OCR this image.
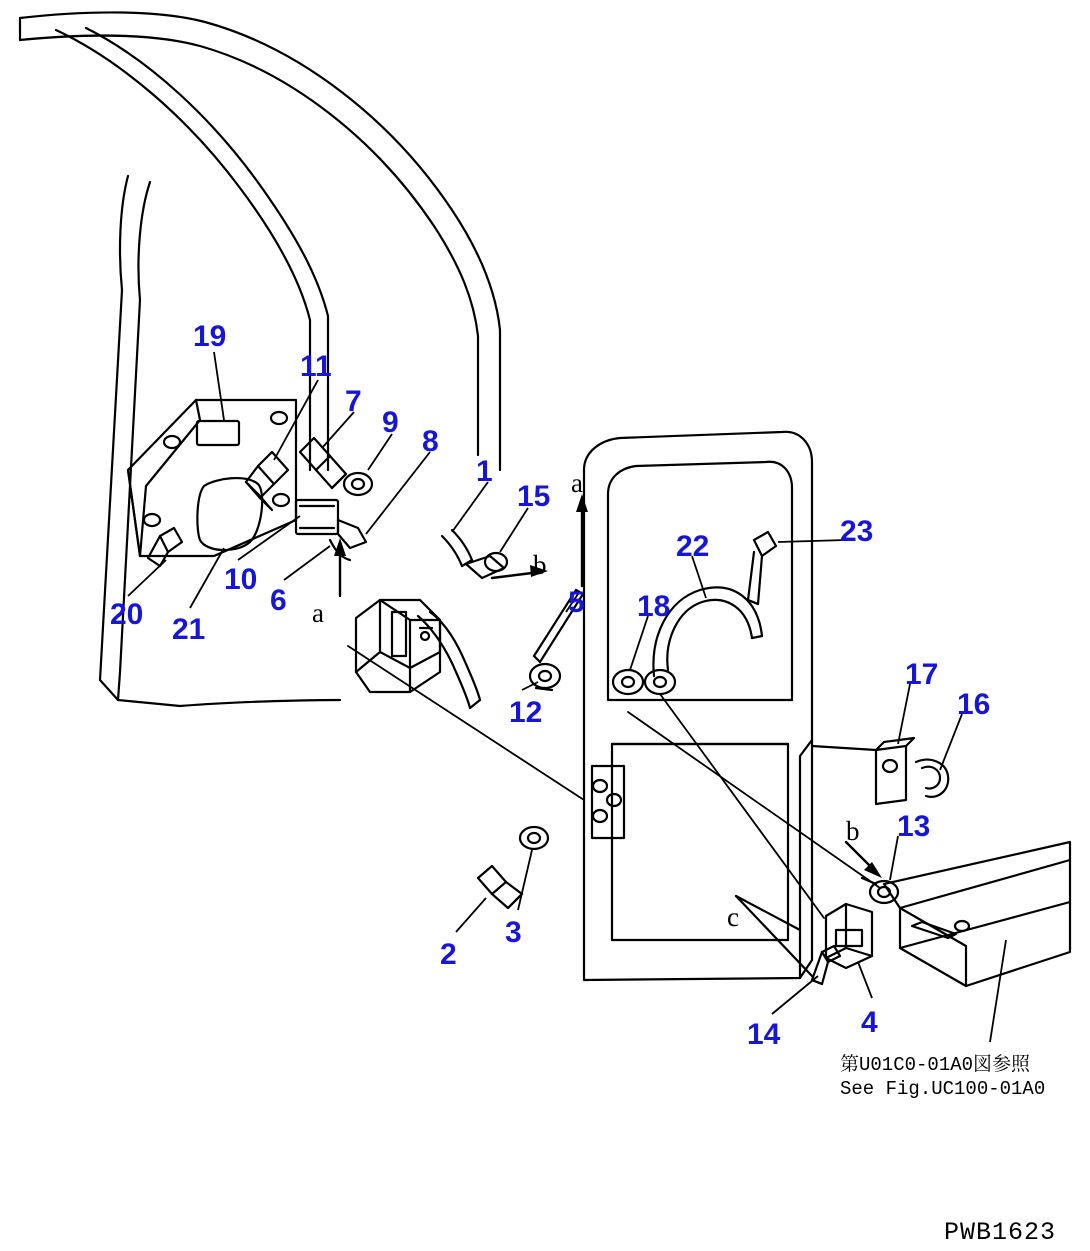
19
11
7
9
8
1
15
23
22
5 18
20
10
6
21
12
17
16
13
2
3
14	4
a
b
a
b
c
第U01C0-01A0図参照
See Fig.UC100-01A0
PWB1623
